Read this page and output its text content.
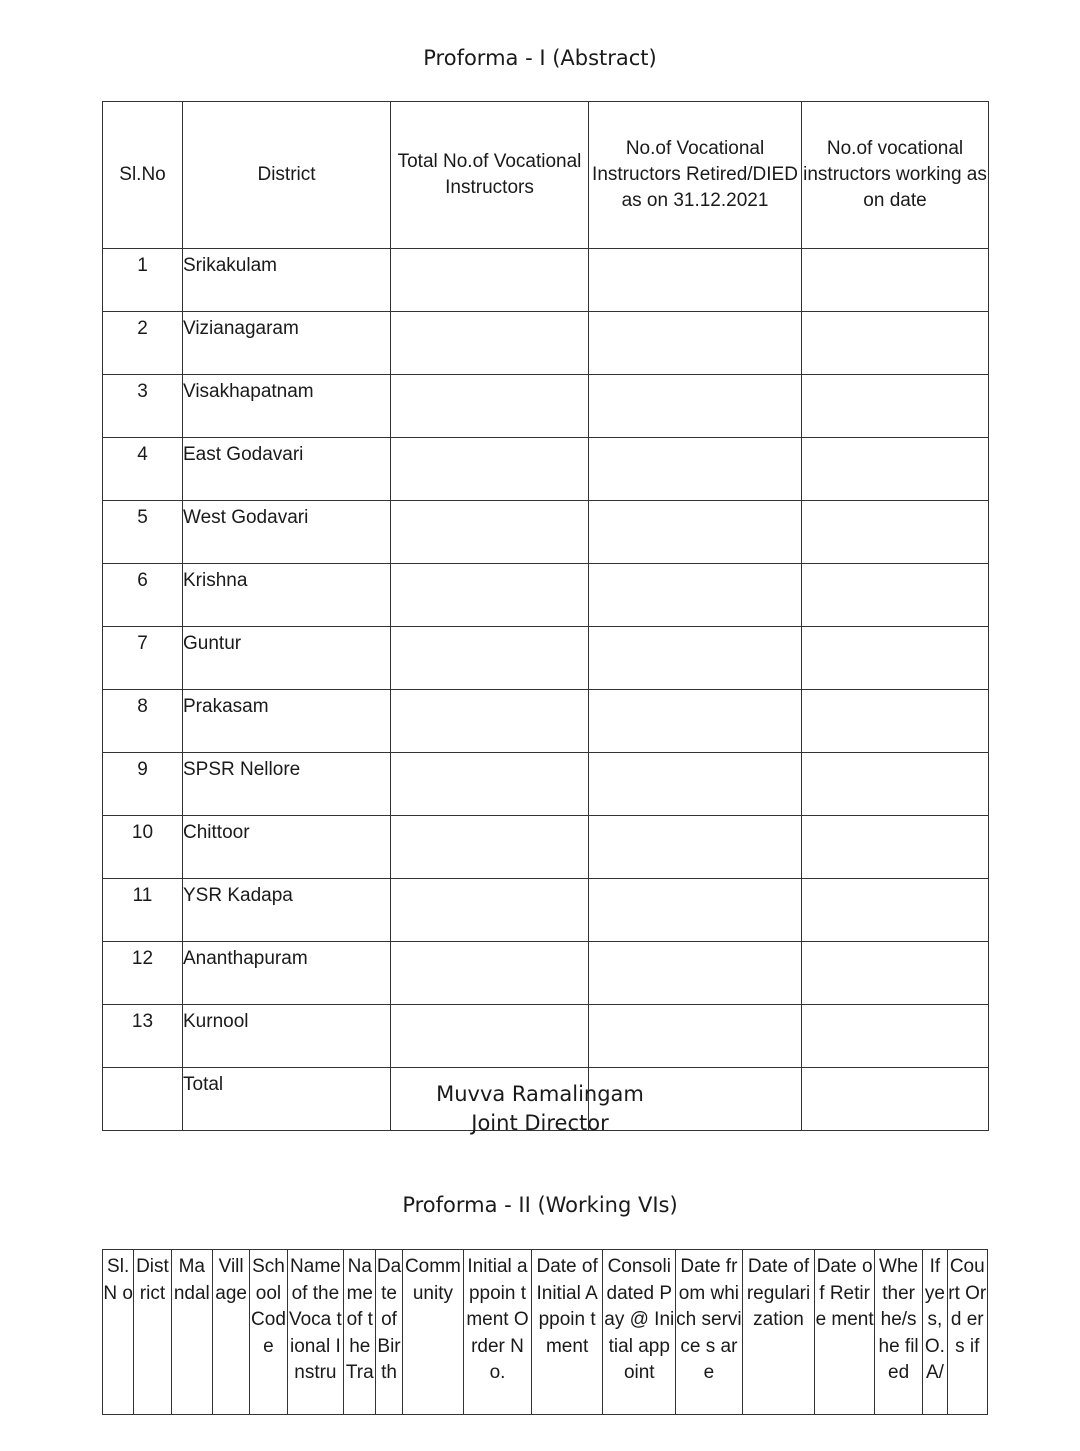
Proforma - I (Abstract)
Sl.No	District	Total No.of Vocational Instructors	No.of Vocational Instructors Retired/DIED as on 31.12.2021	No.of vocational instructors working as on date
1	Srikakulam			
2	Vizianagaram			
3	Visakhapatnam			
4	East Godavari			
5	West Godavari			
6	Krishna			
7	Guntur			
8	Prakasam			
9	SPSR Nellore			
10	Chittoor			
11	YSR Kadapa			
12	Ananthapuram			
13	Kurnool			
	Total				Muvva Ramalingam
Joint Director
Proforma - II (Working VIs)
Sl. N o	Dist rict	Ma ndal	Vill age	Sch ool Cod e	Name of the Voca tional Instru	Na me of the Tra	Da te of Bir th	Comm unity	Initial appoin tment Order No.	Date of Initial Appoin tment	Consoli dated Pay @ Initial appoint	Date from which service s are	Date of regulari zation	Date of Retire ment	Whe ther he/s he filed	If ye s, O. A/	Cou rt Ord ers if
